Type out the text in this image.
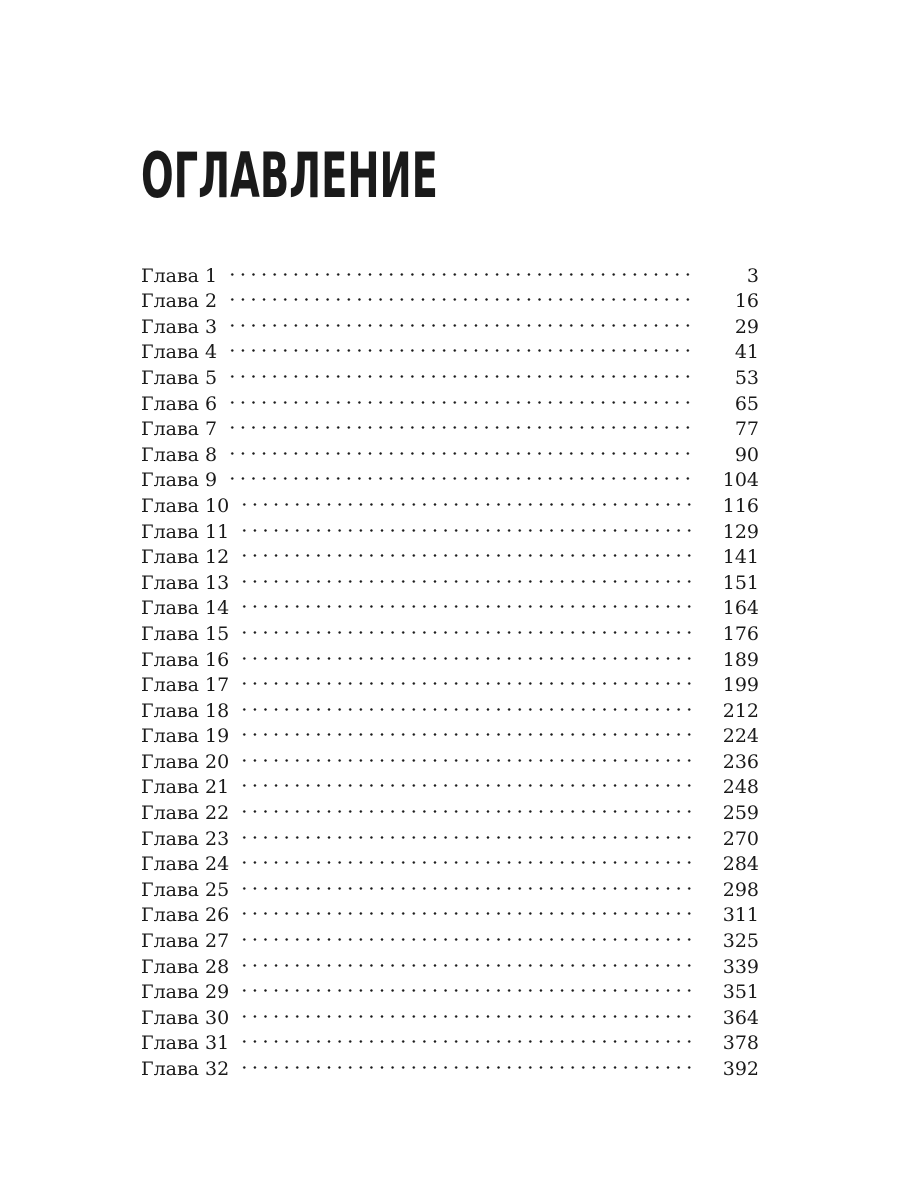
ОГЛАВЛЕНИЕ
Глава 1	3
Глава 2	16
Глава 3	29
Глава 4	41
Глава 5	53
Глава 6	65
Глава 7	77
Глава 8	90
Глава 9	104
Глава 10	116
Глава 11	129
Глава 12	141
Глава 13	151
Глава 14	164
Глава 15	176
Глава 16	189
Глава 17	199
Глава 18	212
Глава 19	224
Глава 20	236
Глава 21	248
Глава 22	259
Глава 23	270
Глава 24	284
Глава 25	298
Глава 26	311
Глава 27	325
Глава 28	339
Глава 29	351
Глава 30	364
Глава 31	378
Глава 32	392
